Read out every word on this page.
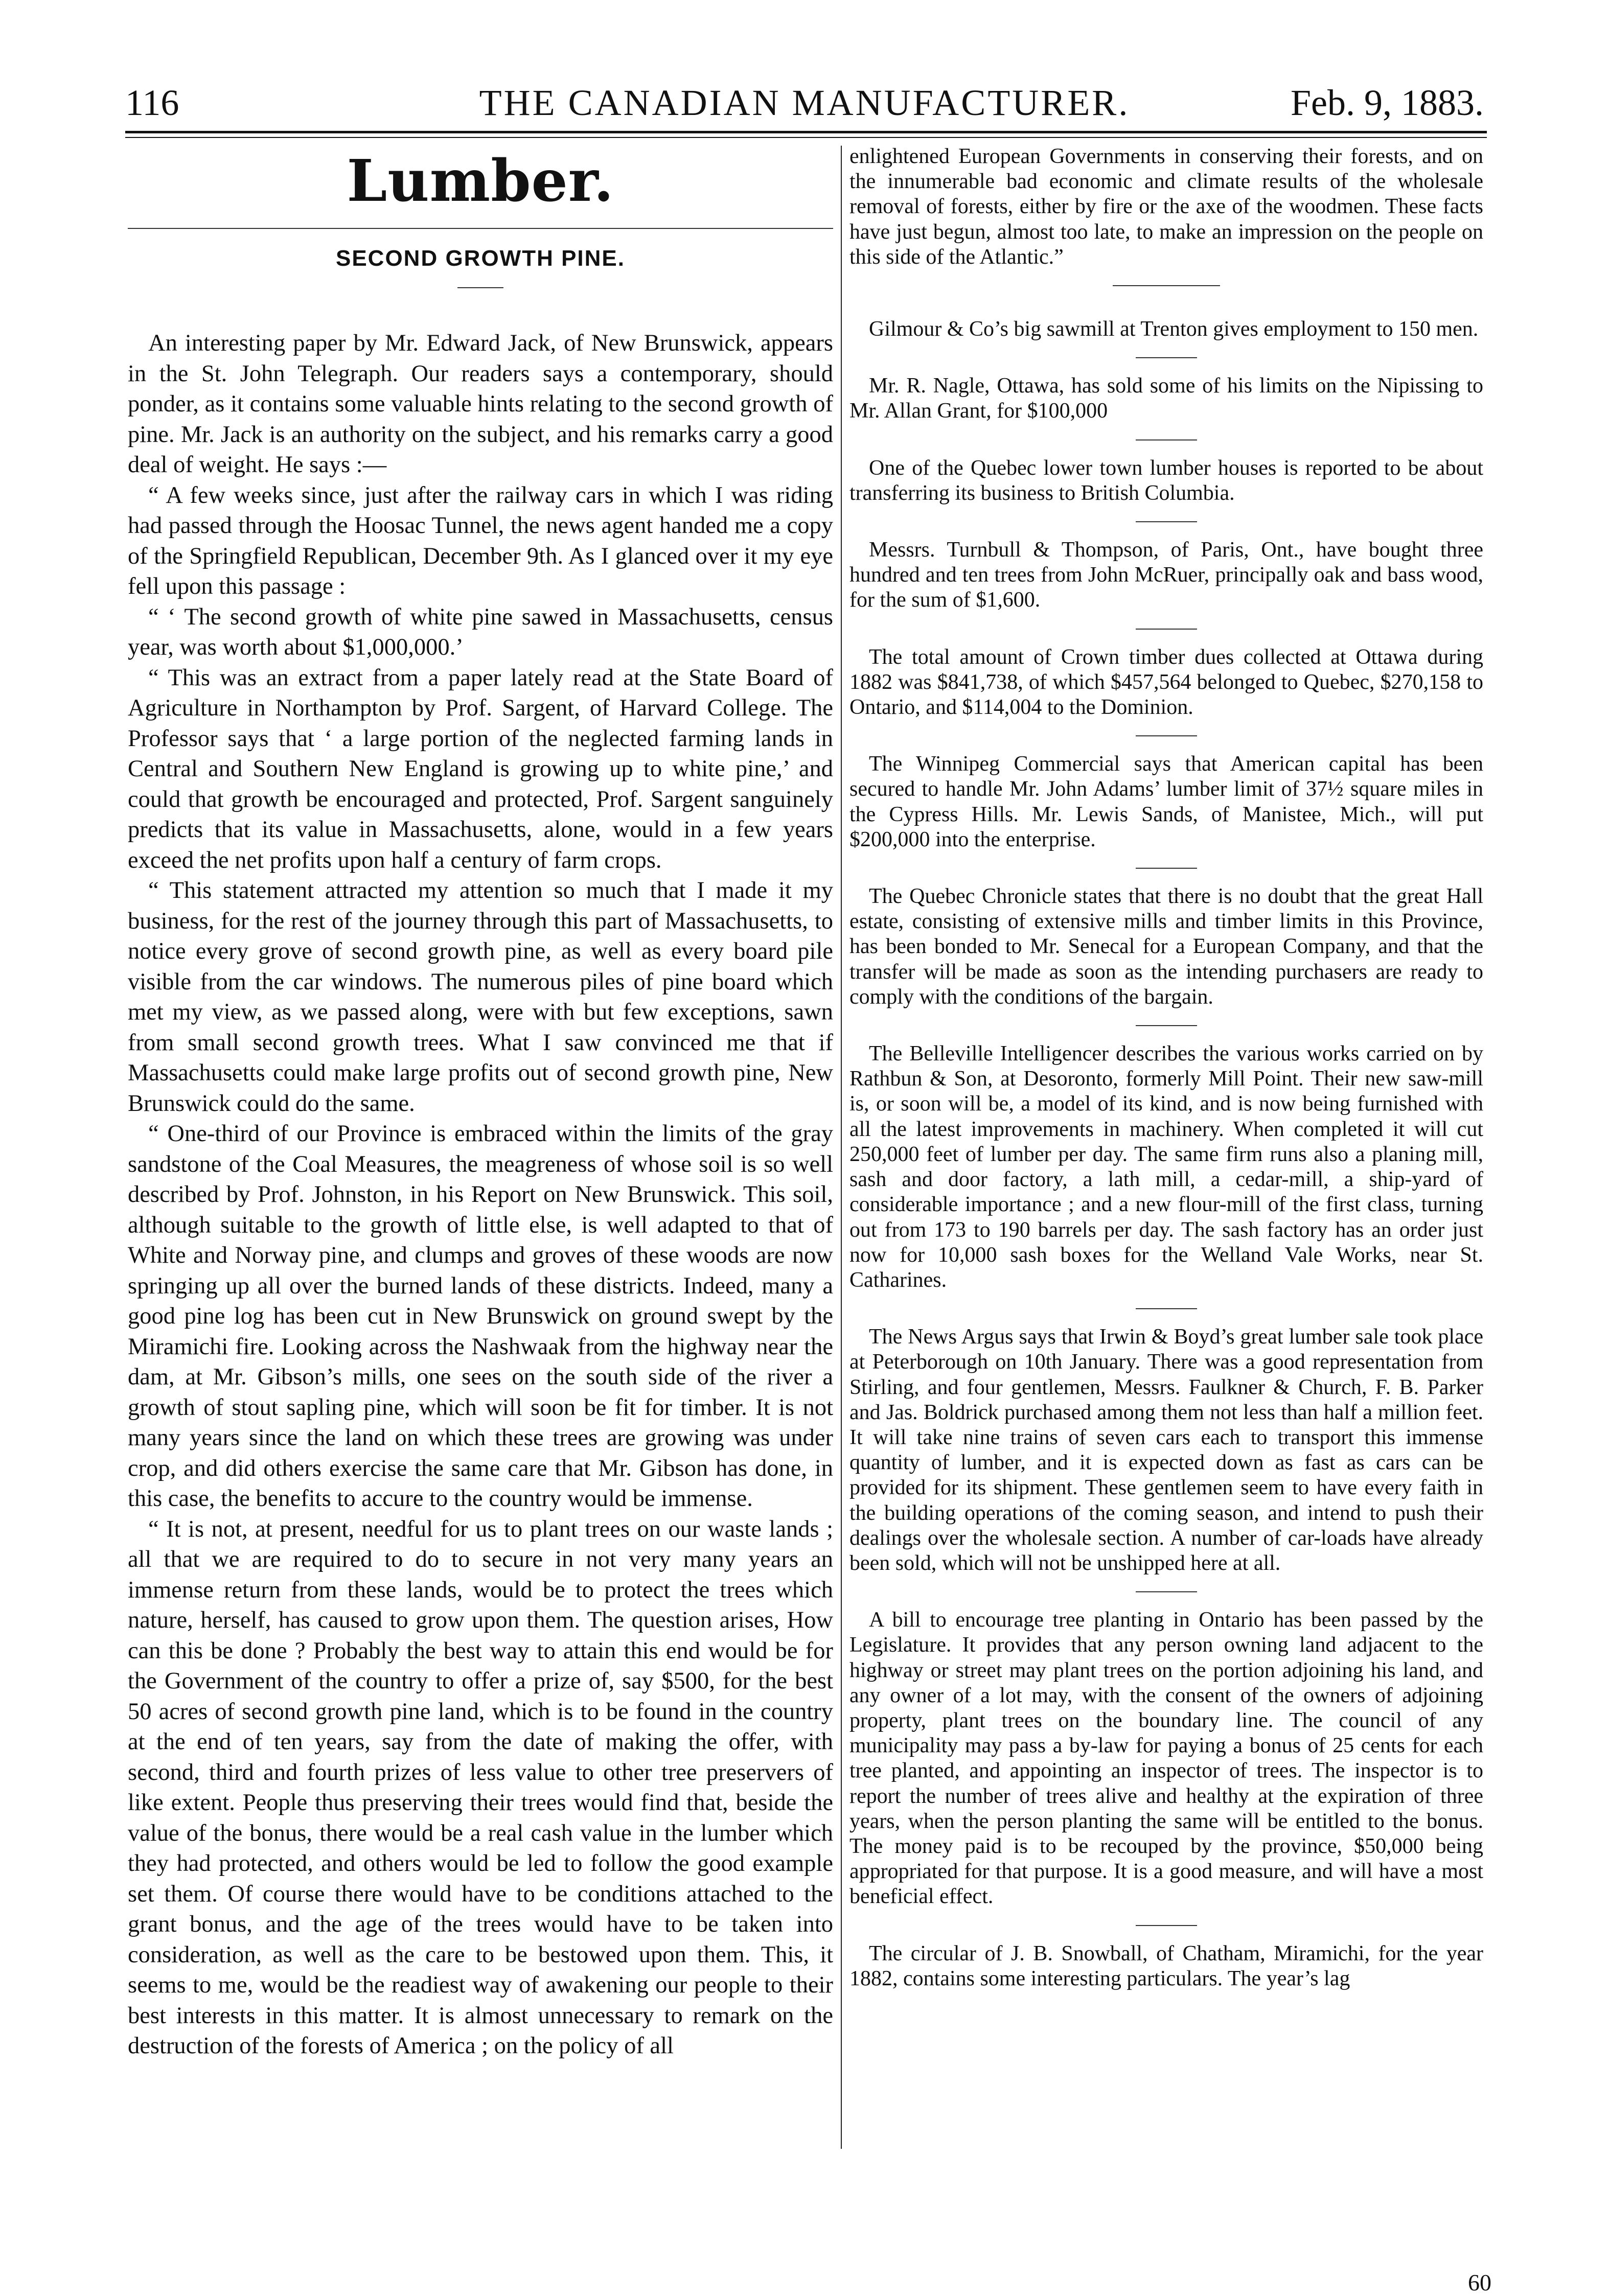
116	THE CANADIAN MANUFACTURER.	Feb. 9, 1883.
Lumber.
SECOND GROWTH PINE.

An interesting paper by Mr. Edward Jack, of New Brunswick, appears in the St. John Telegraph. Our readers says a contemporary, should ponder, as it contains some valuable hints relating to the second growth of pine. Mr. Jack is an authority on the subject, and his remarks carry a good deal of weight. He says :—

“ A few weeks since, just after the railway cars in which I was riding had passed through the Hoosac Tunnel, the news agent handed me a copy of the Springfield Republican, December 9th. As I glanced over it my eye fell upon this passage :

“ ‘ The second growth of white pine sawed in Massachusetts, census year, was worth about $1,000,000.’

“ This was an extract from a paper lately read at the State Board of Agriculture in Northampton by Prof. Sargent, of Harvard College. The Professor says that ‘ a large portion of the neglected farming lands in Central and Southern New England is growing up to white pine,’ and could that growth be encouraged and protected, Prof. Sargent sanguinely predicts that its value in Massachusetts, alone, would in a few years exceed the net profits upon half a century of farm crops.

“ This statement attracted my attention so much that I made it my business, for the rest of the journey through this part of Massachusetts, to notice every grove of second growth pine, as well as every board pile visible from the car windows. The numerous piles of pine board which met my view, as we passed along, were with but few exceptions, sawn from small second growth trees. What I saw convinced me that if Massachusetts could make large profits out of second growth pine, New Brunswick could do the same.

“ One-third of our Province is embraced within the limits of the gray sandstone of the Coal Measures, the meagreness of whose soil is so well described by Prof. Johnston, in his Report on New Brunswick. This soil, although suitable to the growth of little else, is well adapted to that of White and Norway pine, and clumps and groves of these woods are now springing up all over the burned lands of these districts. Indeed, many a good pine log has been cut in New Brunswick on ground swept by the Miramichi fire. Looking across the Nashwaak from the highway near the dam, at Mr. Gibson’s mills, one sees on the south side of the river a growth of stout sapling pine, which will soon be fit for timber. It is not many years since the land on which these trees are growing was under crop, and did others exercise the same care that Mr. Gibson has done, in this case, the benefits to accure to the country would be immense.

“ It is not, at present, needful for us to plant trees on our waste lands ; all that we are required to do to secure in not very many years an immense return from these lands, would be to protect the trees which nature, herself, has caused to grow upon them. The question arises, How can this be done ? Probably the best way to attain this end would be for the Government of the country to offer a prize of, say $500, for the best 50 acres of second growth pine land, which is to be found in the country at the end of ten years, say from the date of making the offer, with second, third and fourth prizes of less value to other tree preservers of like extent. People thus preserving their trees would find that, beside the value of the bonus, there would be a real cash value in the lumber which they had protected, and others would be led to follow the good example set them. Of course there would have to be conditions attached to the grant bonus, and the age of the trees would have to be taken into consideration, as well as the care to be bestowed upon them. This, it seems to me, would be the readiest way of awakening our people to their best interests in this matter. It is almost unnecessary to remark on the destruction of the forests of America ; on the policy of all

enlightened European Governments in conserving their forests, and on the innumerable bad economic and climate results of the wholesale removal of forests, either by fire or the axe of the woodmen. These facts have just begun, almost too late, to make an impression on the people on this side of the Atlantic.”

Gilmour & Co’s big sawmill at Trenton gives employment to 150 men.

Mr. R. Nagle, Ottawa, has sold some of his limits on the Nipissing to Mr. Allan Grant, for $100,000

One of the Quebec lower town lumber houses is reported to be about transferring its business to British Columbia.

Messrs. Turnbull & Thompson, of Paris, Ont., have bought three hundred and ten trees from John McRuer, principally oak and bass wood, for the sum of $1,600.

The total amount of Crown timber dues collected at Ottawa during 1882 was $841,738, of which $457,564 belonged to Quebec, $270,158 to Ontario, and $114,004 to the Dominion.

The Winnipeg Commercial says that American capital has been secured to handle Mr. John Adams’ lumber limit of 37½ square miles in the Cypress Hills. Mr. Lewis Sands, of Manistee, Mich., will put $200,000 into the enterprise.

The Quebec Chronicle states that there is no doubt that the great Hall estate, consisting of extensive mills and timber limits in this Province, has been bonded to Mr. Senecal for a European Company, and that the transfer will be made as soon as the intending purchasers are ready to comply with the conditions of the bargain.

The Belleville Intelligencer describes the various works carried on by Rathbun & Son, at Desoronto, formerly Mill Point. Their new saw-mill is, or soon will be, a model of its kind, and is now being furnished with all the latest improvements in machinery. When completed it will cut 250,000 feet of lumber per day. The same firm runs also a planing mill, sash and door factory, a lath mill, a cedar-mill, a ship-yard of considerable importance ; and a new flour-mill of the first class, turning out from 173 to 190 barrels per day. The sash factory has an order just now for 10,000 sash boxes for the Welland Vale Works, near St. Catharines.

The News Argus says that Irwin & Boyd’s great lumber sale took place at Peterborough on 10th January. There was a good representation from Stirling, and four gentlemen, Messrs. Faulkner & Church, F. B. Parker and Jas. Boldrick purchased among them not less than half a million feet. It will take nine trains of seven cars each to transport this immense quantity of lumber, and it is expected down as fast as cars can be provided for its shipment. These gentlemen seem to have every faith in the building operations of the coming season, and intend to push their dealings over the wholesale section. A number of car-loads have already been sold, which will not be unshipped here at all.

A bill to encourage tree planting in Ontario has been passed by the Legislature. It provides that any person owning land adjacent to the highway or street may plant trees on the portion adjoining his land, and any owner of a lot may, with the consent of the owners of adjoining property, plant trees on the boundary line. The council of any municipality may pass a by-law for paying a bonus of 25 cents for each tree planted, and appointing an inspector of trees. The inspector is to report the number of trees alive and healthy at the expiration of three years, when the person planting the same will be entitled to the bonus. The money paid is to be recouped by the province, $50,000 being appropriated for that purpose. It is a good measure, and will have a most beneficial effect.

The circular of J. B. Snowball, of Chatham, Miramichi, for the year 1882, contains some interesting particulars. The year’s lag

60
